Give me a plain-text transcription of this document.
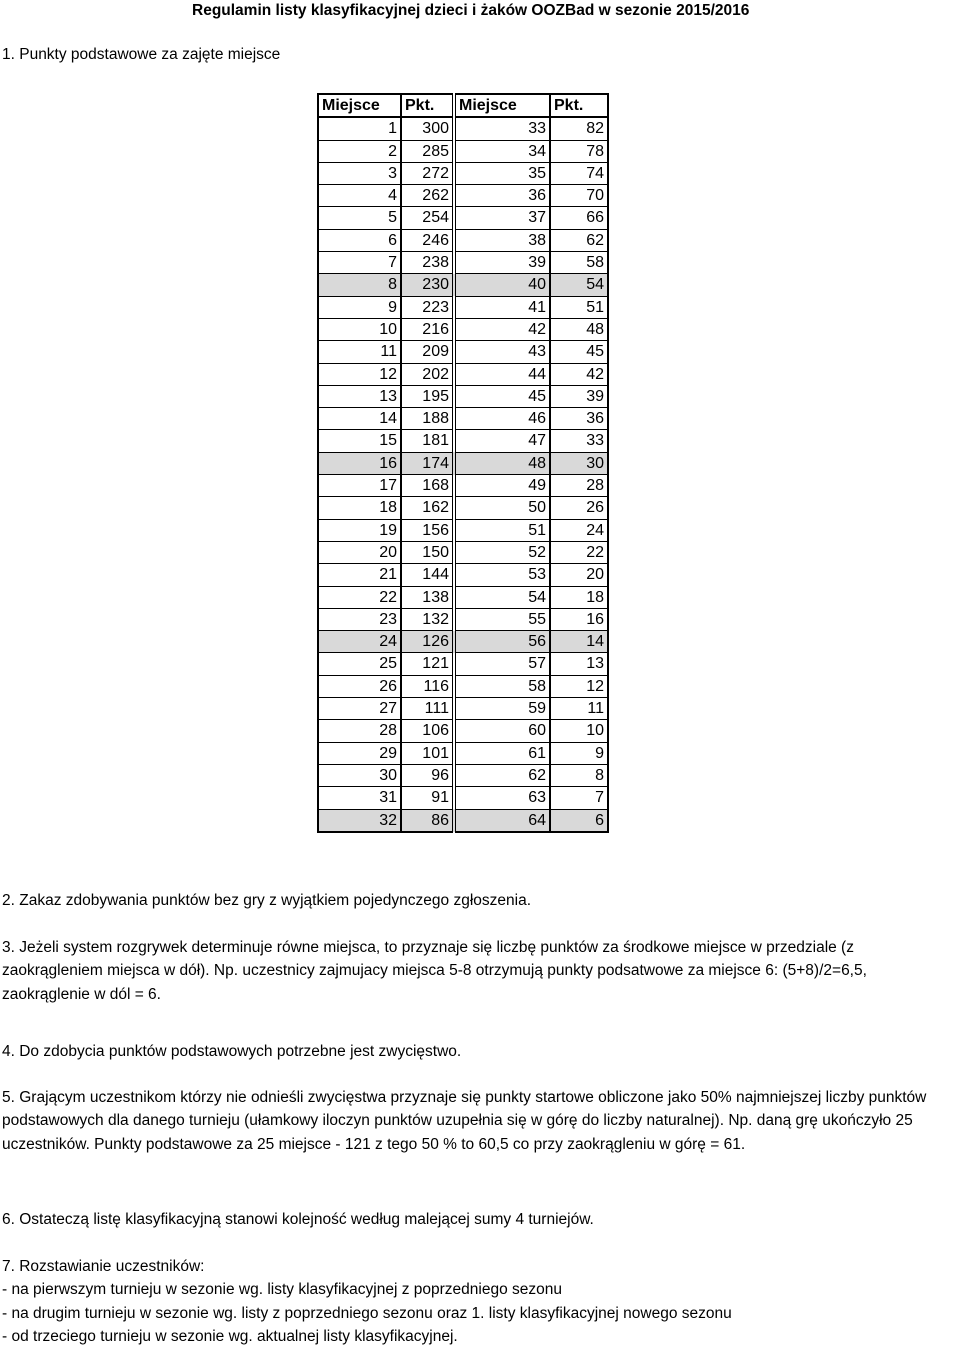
Regulamin listy klasyfikacyjnej dzieci i żaków OOZBad w sezonie 2015/2016
1. Punkty podstawowe za zajęte miejsce
Miejsce	Pkt.	Miejsce	Pkt.
1	300	33	82
2	285	34	78
3	272	35	74
4	262	36	70
5	254	37	66
6	246	38	62
7	238	39	58
8	230	40	54
9	223	41	51
10	216	42	48
11	209	43	45
12	202	44	42
13	195	45	39
14	188	46	36
15	181	47	33
16	174	48	30
17	168	49	28
18	162	50	26
19	156	51	24
20	150	52	22
21	144	53	20
22	138	54	18
23	132	55	16
24	126	56	14
25	121	57	13
26	116	58	12
27	111	59	11
28	106	60	10
29	101	61	9
30	96	62	8
31	91	63	7
32	86	64	6
2. Zakaz zdobywania punktów bez gry z wyjątkiem pojedynczego zgłoszenia.
3. Jeżeli system rozgrywek determinuje równe miejsca, to przyznaje się liczbę punktów za środkowe miejsce w przedziale (z zaokrągleniem miejsca w dół). Np. uczestnicy zajmujacy miejsca 5-8 otrzymują punkty podsatwowe za miejsce 6: (5+8)/2=6,5, zaokrąglenie w dól = 6.
4. Do zdobycia punktów podstawowych potrzebne jest zwycięstwo.
5. Grającym uczestnikom którzy nie odnieśli zwycięstwa przyznaje się punkty startowe obliczone jako 50% najmniejszej liczby punktów podstawowych dla danego turnieju (ułamkowy iloczyn punktów uzupełnia się w górę do liczby naturalnej). Np. daną grę ukończyło 25 uczestników. Punkty podstawowe za 25 miejsce - 121 z tego 50 % to 60,5 co przy zaokrągleniu w górę = 61.
6. Ostateczą listę klasyfikacyjną stanowi kolejność według malejącej sumy 4 turniejów.
7. Rozstawianie uczestników:
- na pierwszym turnieju w sezonie wg. listy klasyfikacyjnej z poprzedniego sezonu
- na drugim turnieju w sezonie wg. listy z poprzedniego sezonu oraz 1. listy klasyfikacyjnej nowego sezonu
- od trzeciego turnieju w sezonie wg. aktualnej listy klasyfikacyjnej.
